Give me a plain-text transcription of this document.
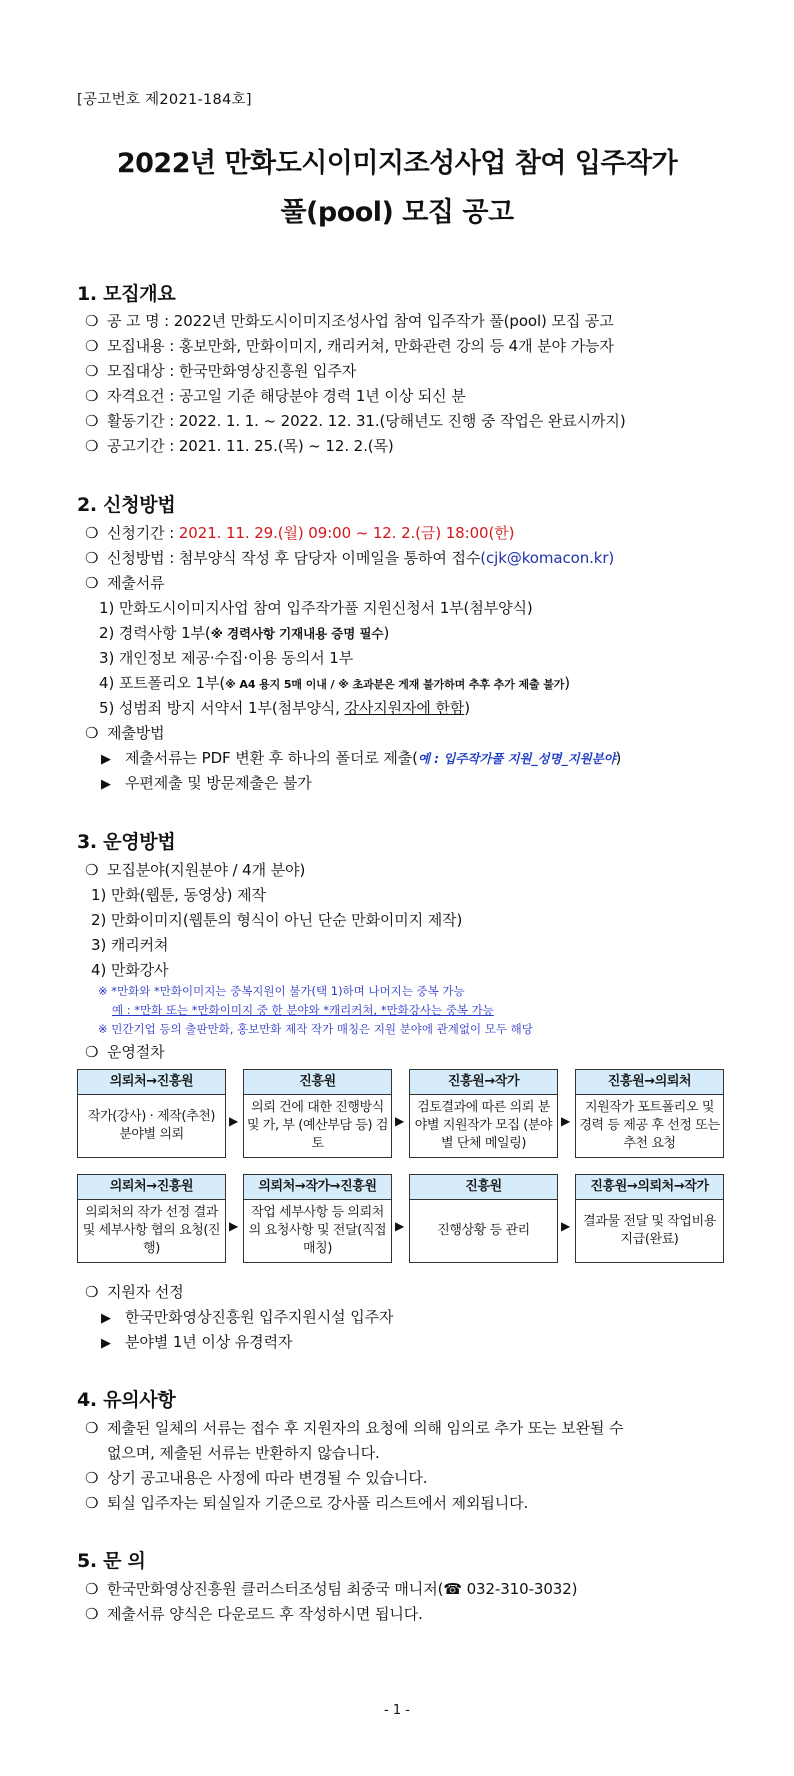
[공고번호 제2021-184호]
2022년 만화도시이미지조성사업 참여 입주작가
풀(pool) 모집 공고
1. 모집개요
❍ 공 고 명 : 2022년 만화도시이미지조성사업 참여 입주작가 풀(pool) 모집 공고
❍ 모집내용 : 홍보만화, 만화이미지, 캐리커쳐, 만화관련 강의 등 4개 분야 가능자
❍ 모집대상 : 한국만화영상진흥원 입주자
❍ 자격요건 : 공고일 기준 해당분야 경력 1년 이상 되신 분
❍ 활동기간 : 2022. 1. 1. ~ 2022. 12. 31.(당해년도 진행 중 작업은 완료시까지)
❍ 공고기간 : 2021. 11. 25.(목) ~ 12. 2.(목)
2. 신청방법
❍ 신청기간 : 2021. 11. 29.(월) 09:00 ~ 12. 2.(금) 18:00(한)
❍ 신청방법 : 첨부양식 작성 후 담당자 이메일을 통하여 접수(cjk@komacon.kr)
❍ 제출서류
1) 만화도시이미지사업 참여 입주작가풀 지원신청서 1부(첨부양식)
2) 경력사항 1부(※ 경력사항 기재내용 증명 필수)
3) 개인정보 제공·수집·이용 동의서 1부
4) 포트폴리오 1부(※ A4 용지 5매 이내 / ※ 초과분은 게재 불가하며 추후 추가 제출 불가)
5) 성범죄 방지 서약서 1부(첨부양식, 강사지원자에 한함)
❍ 제출방법
▶ 제출서류는 PDF 변환 후 하나의 폴더로 제출(예 : 입주작가풀 지원_성명_지원분야)
▶ 우편제출 및 방문제출은 불가
3. 운영방법
❍ 모집분야(지원분야 / 4개 분야)
1) 만화(웹툰, 동영상) 제작
2) 만화이미지(웹툰의 형식이 아닌 단순 만화이미지 제작)
3) 캐리커쳐
4) 만화강사
※ *만화와 *만화이미지는 중복지원이 불가(택 1)하며 나머지는 중복 가능
예 : *만화 또는 *만화이미지 중 한 분야와 *캐리커쳐, *만화강사는 중복 가능
※ 민간기업 등의 출판만화, 홍보만화 제작 작가 매칭은 지원 분야에 관계없이 모두 해당
❍ 운영절차
의뢰처→진흥원
작가(강사) · 제작(추천) 분야별 의뢰
▶
진흥원
의뢰 건에 대한 진행방식 및 가, 부 (예산부담 등) 검토
▶
진흥원→작가
검토결과에 따른 의뢰 분야별 지원작가 모집 (분야별 단체 메일링)
▶
진흥원→의뢰처
지원작가 포트폴리오 및 경력 등 제공 후 선정 또는 추천 요청
의뢰처→진흥원
의뢰처의 작가 선정 결과 및 세부사항 협의 요청(진행)
▶
의뢰처→작가→진흥원
작업 세부사항 등 의뢰처의 요청사항 및 전달(직접 매칭)
▶
진흥원
진행상황 등 관리	▶
진흥원→의뢰처→작가
결과물 전달 및 작업비용 지급(완료)
❍ 지원자 선정
▶ 한국만화영상진흥원 입주지원시설 입주자
▶ 분야별 1년 이상 유경력자
4. 유의사항
❍ 제출된 일체의 서류는 접수 후 지원자의 요청에 의해 임의로 추가 또는 보완될 수
없으며, 제출된 서류는 반환하지 않습니다.
❍ 상기 공고내용은 사정에 따라 변경될 수 있습니다.
❍ 퇴실 입주자는 퇴실일자 기준으로 강사풀 리스트에서 제외됩니다.
5. 문 의
❍ 한국만화영상진흥원 클러스터조성팀 최중국 매니저(☎ 032-310-3032)
❍ 제출서류 양식은 다운로드 후 작성하시면 됩니다.
- 1 -
